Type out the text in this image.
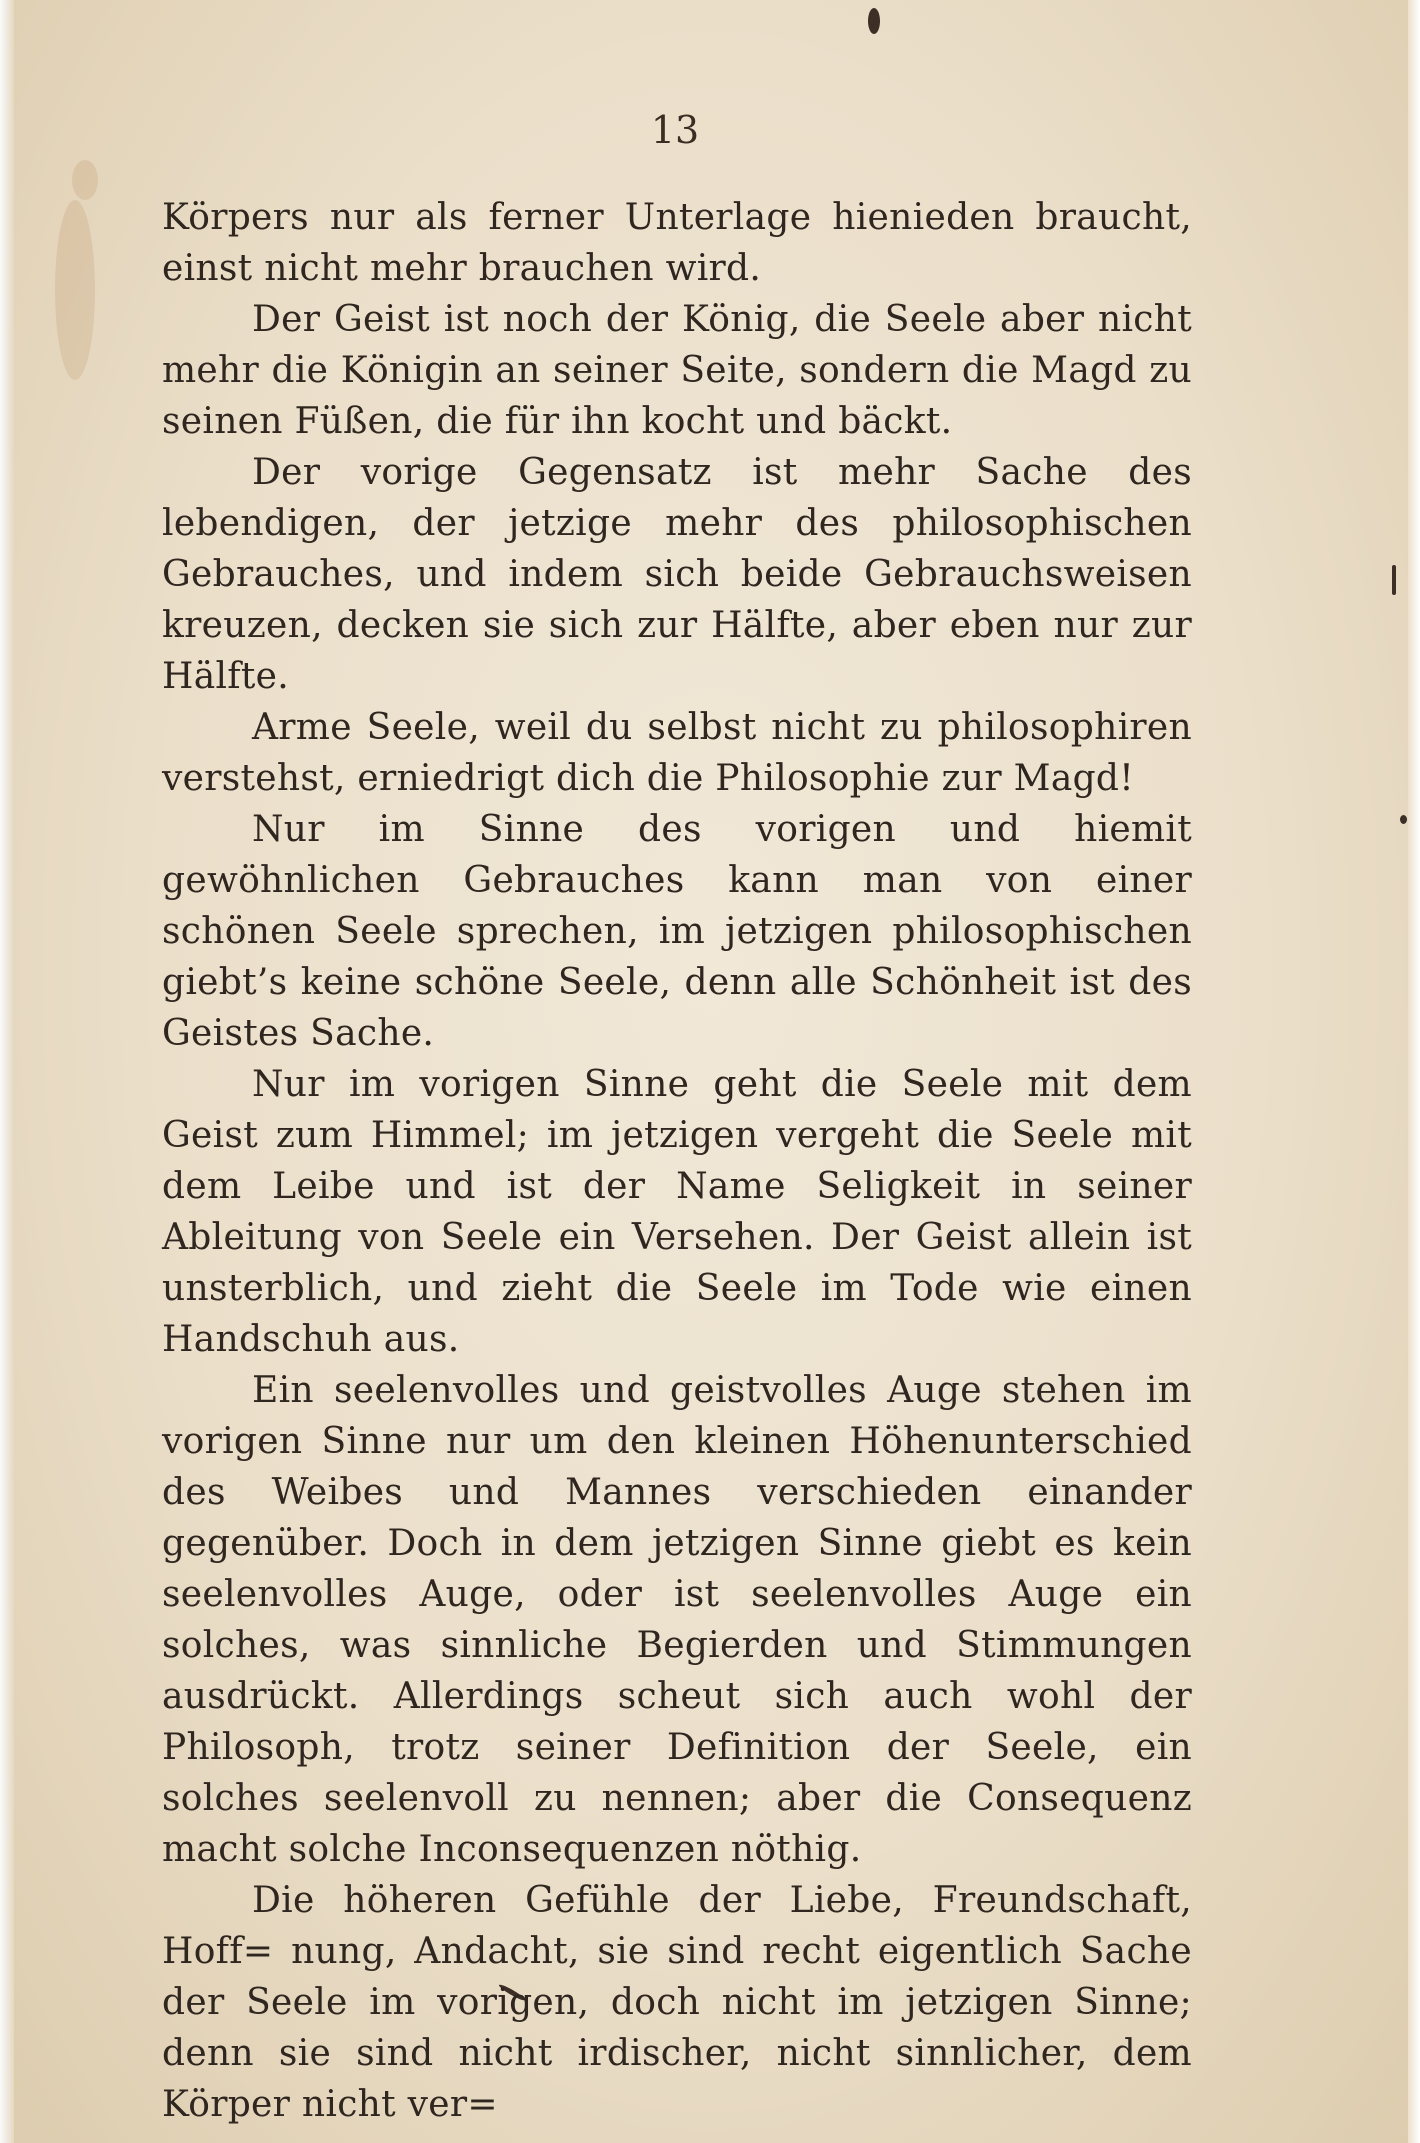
13

Körpers nur als ferner Unterlage hienieden braucht, einst nicht mehr brauchen wird.

Der Geist ist noch der König, die Seele aber nicht mehr die Königin an seiner Seite, sondern die Magd zu seinen Füßen, die für ihn kocht und bäckt.

Der vorige Gegensatz ist mehr Sache des lebendigen, der jetzige mehr des philosophischen Gebrauches, und indem sich beide Gebrauchsweisen kreuzen, decken sie sich zur Hälfte, aber eben nur zur Hälfte.

Arme Seele, weil du selbst nicht zu philosophiren verstehst, erniedrigt dich die Philosophie zur Magd!

Nur im Sinne des vorigen und hiemit gewöhnlichen Gebrauches kann man von einer schönen Seele sprechen, im jetzigen philosophischen giebt’s keine schöne Seele, denn alle Schönheit ist des Geistes Sache.

Nur im vorigen Sinne geht die Seele mit dem Geist zum Himmel; im jetzigen vergeht die Seele mit dem Leibe und ist der Name Seligkeit in seiner Ableitung von Seele ein Versehen. Der Geist allein ist unsterblich, und zieht die Seele im Tode wie einen Handschuh aus.

Ein seelenvolles und geistvolles Auge stehen im vorigen Sinne nur um den kleinen Höhenunterschied des Weibes und Mannes verschieden einander gegenüber. Doch in dem jetzigen Sinne giebt es kein seelenvolles Auge, oder ist seelenvolles Auge ein solches, was sinnliche Begierden und Stimmungen ausdrückt. Allerdings scheut sich auch wohl der Philosoph, trotz seiner Definition der Seele, ein solches seelenvoll zu nennen; aber die Consequenz macht solche Inconsequenzen nöthig.

Die höheren Gefühle der Liebe, Freundschaft, Hoff= nung, Andacht, sie sind recht eigentlich Sache der Seele im vorigen, doch nicht im jetzigen Sinne; denn sie sind nicht irdischer, nicht sinnlicher, dem Körper nicht ver=
